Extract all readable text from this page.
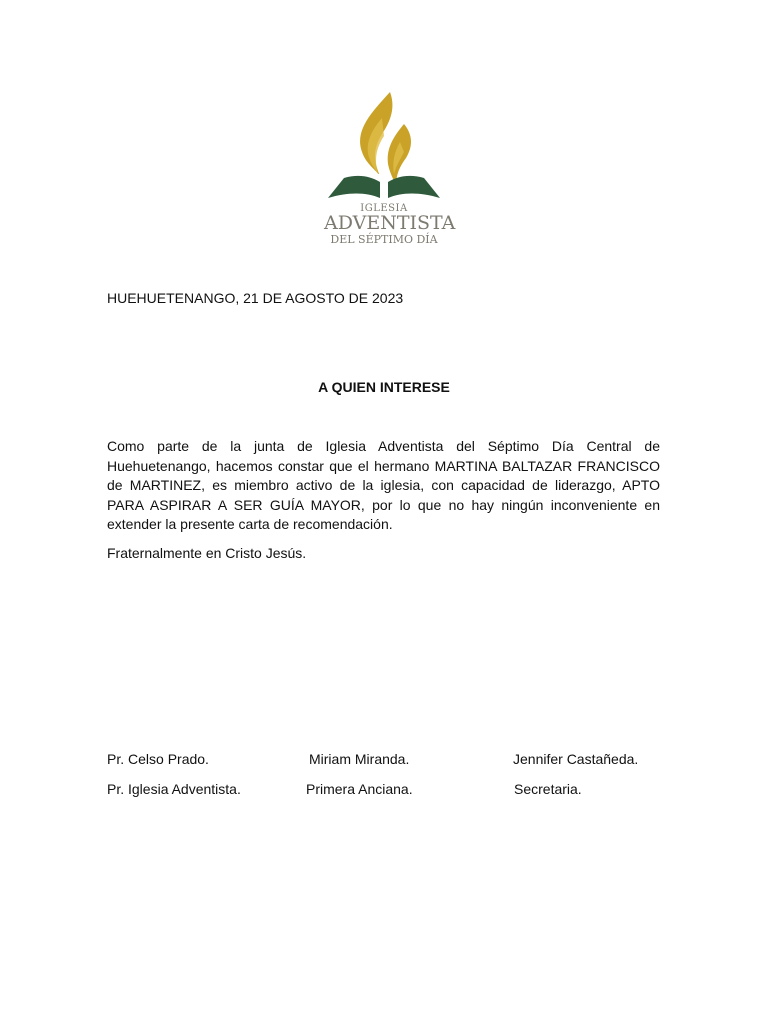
IGLESIA
ADVENTISTA
DEL SÉPTIMO DÍA
HUEHUETENANGO, 21 DE AGOSTO DE 2023
A QUIEN INTERESE

Como parte de la junta de Iglesia Adventista del Séptimo Día Central de Huehuetenango, hacemos constar que el hermano MARTINA BALTAZAR FRANCISCO de MARTINEZ, es miembro activo de la iglesia, con capacidad de liderazgo, APTO PARA ASPIRAR A SER GUÍA MAYOR, por lo que no hay ningún inconveniente en extender la presente carta de recomendación.

Fraternalmente en Cristo Jesús.
Pr. Celso Prado.	Miriam Miranda.	Jennifer Castañeda.
Pr. Iglesia Adventista.	Primera Anciana.	Secretaria.
